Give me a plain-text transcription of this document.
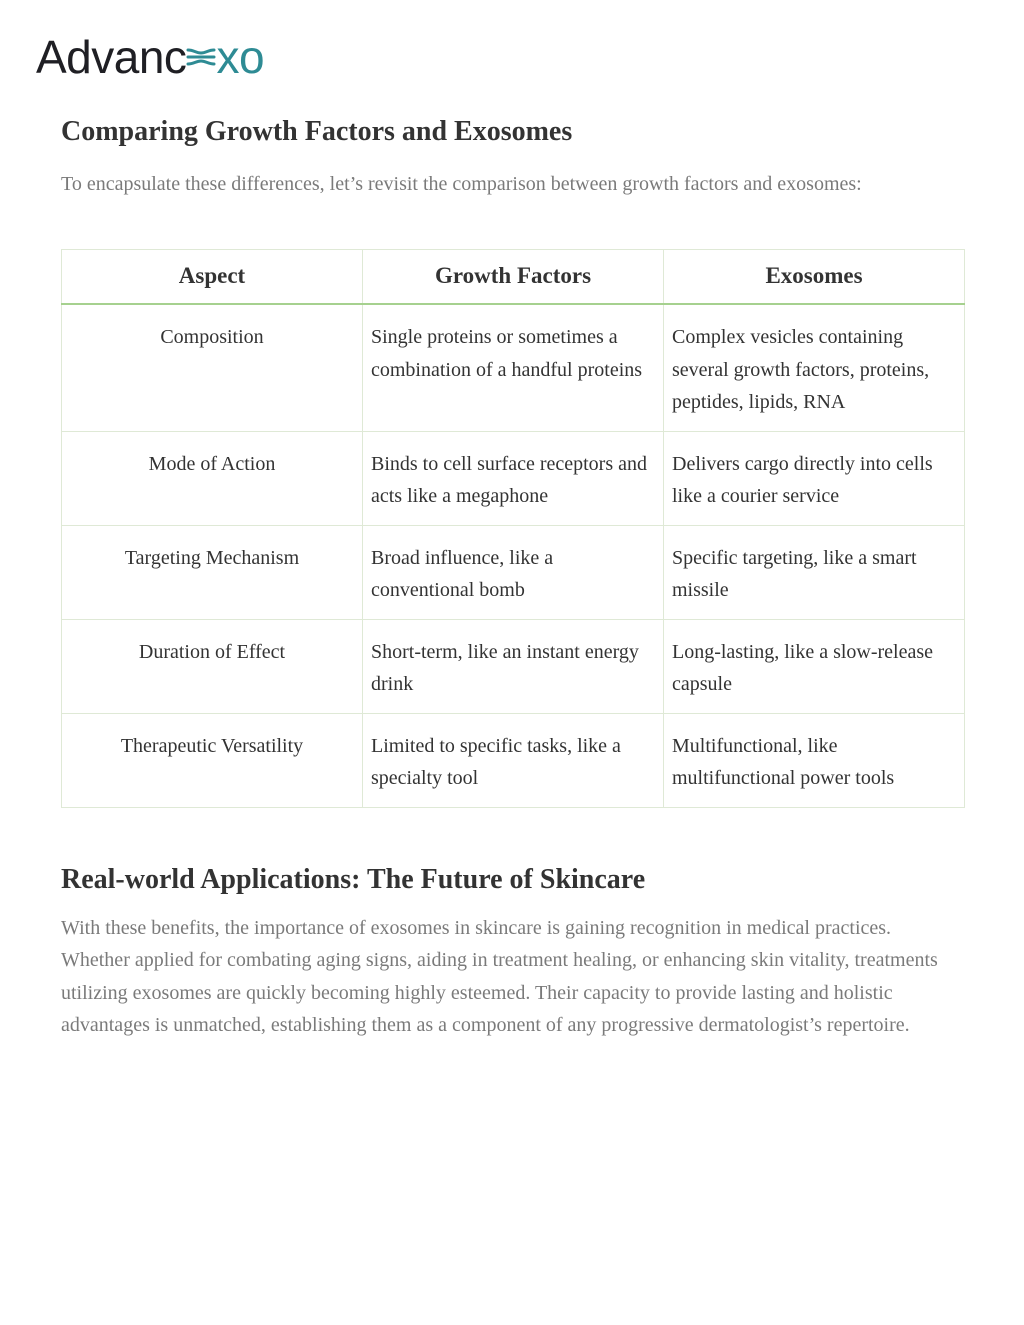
Advanc xo
Comparing Growth Factors and Exosomes

To encapsulate these differences, let’s revisit the comparison between growth factors and exosomes:

Aspect	Growth Factors	Exosomes
Composition	Single proteins or sometimes a combination of a handful proteins	Complex vesicles containing several growth factors, proteins, peptides, lipids, RNA
Mode of Action	Binds to cell surface receptors and acts like a megaphone	Delivers cargo directly into cells like a courier service
Targeting Mechanism	Broad influence, like a conventional bomb	Specific targeting, like a smart missile
Duration of Effect	Short-term, like an instant energy drink	Long-lasting, like a slow-release capsule
Therapeutic Versatility	Limited to specific tasks, like a specialty tool	Multifunctional, like multifunctional power tools
Real-world Applications: The Future of Skincare

With these benefits, the importance of exosomes in skincare is gaining recognition in medical practices. Whether applied for combating aging signs, aiding in treatment healing, or enhancing skin vitality, treatments utilizing exosomes are quickly becoming highly esteemed. Their capacity to provide lasting and holistic advantages is unmatched, establishing them as a component of any progressive dermatologist’s repertoire.
